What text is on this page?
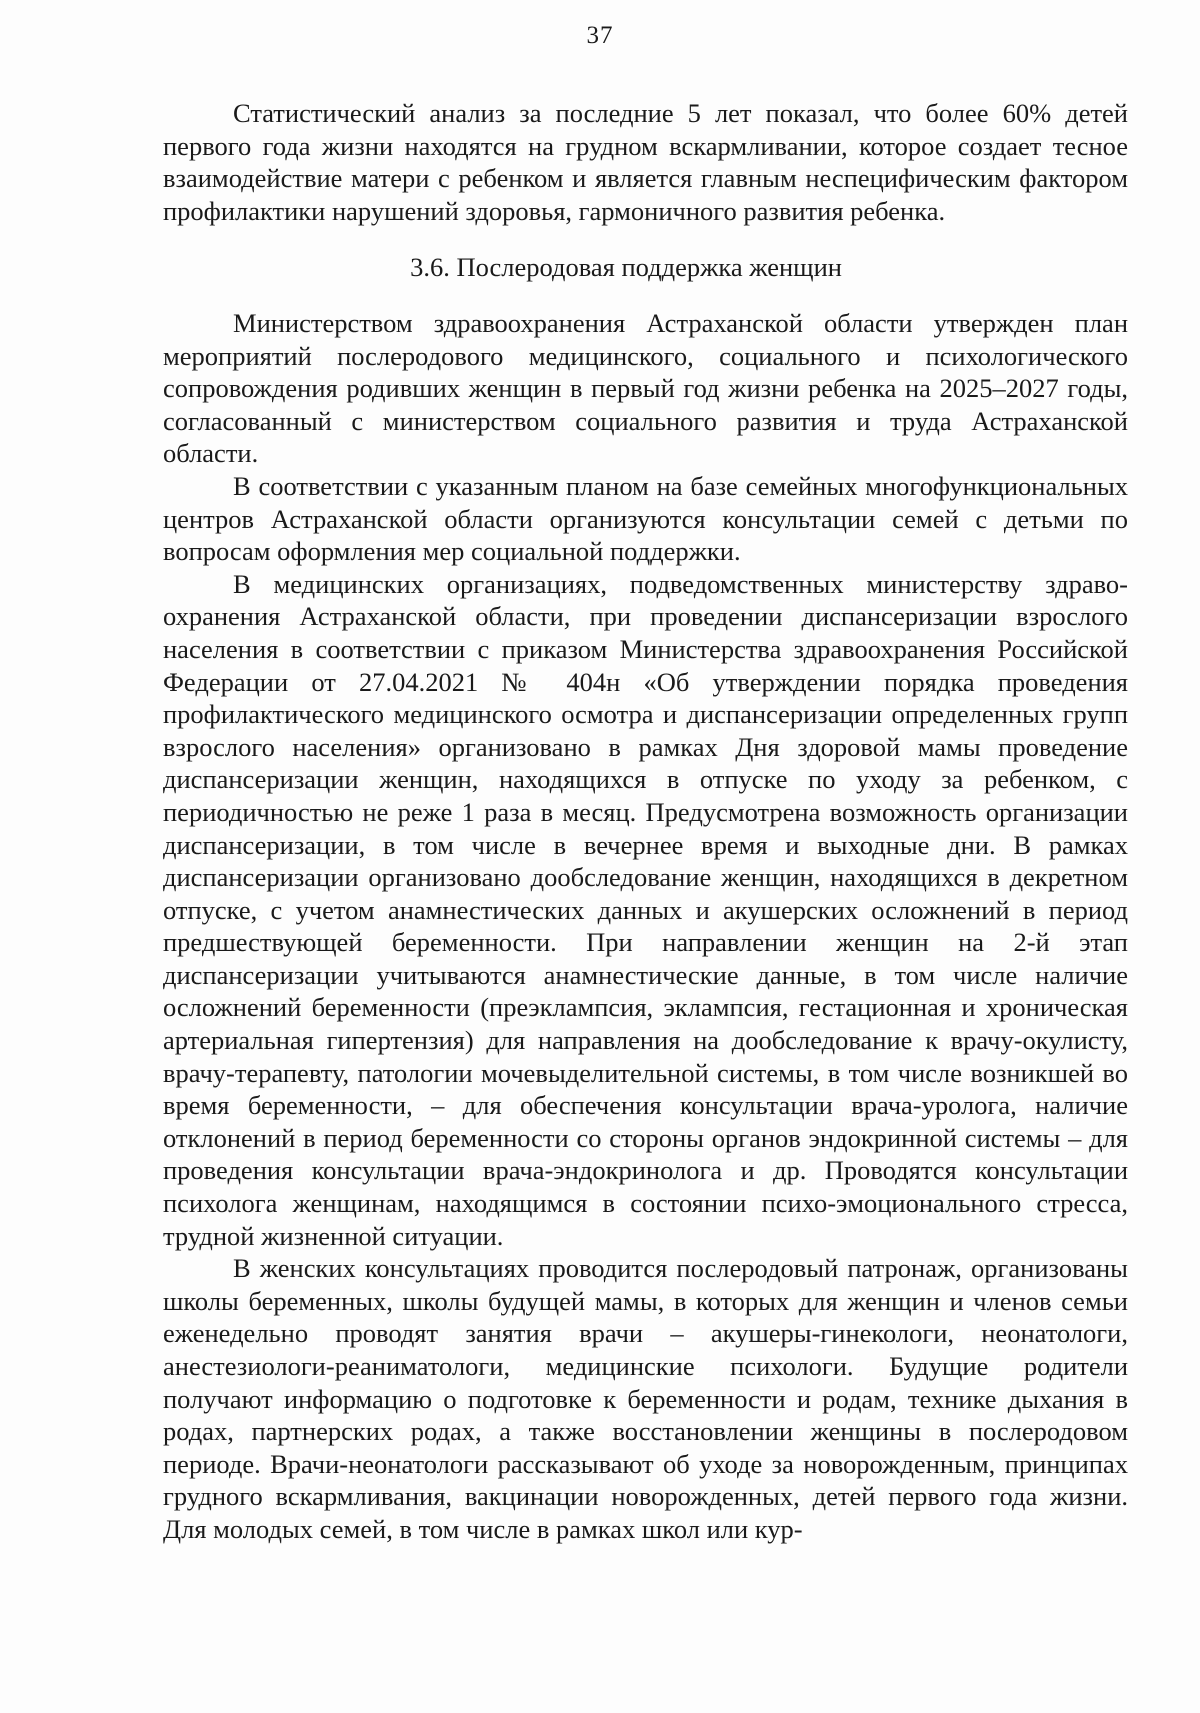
37

Статистический анализ за последние 5 лет показал, что более 60% детей первого года жизни находятся на грудном вскармливании, которое создает тесное взаимодействие матери с ребенком и является главным неспецифическим фактором профилактики нарушений здоровья, гармоничного развития ребенка.

3.6. Послеродовая поддержка женщин

Министерством здравоохранения Астраханской области утвержден план мероприятий послеродового медицинского, социального и психологического сопровождения родивших женщин в первый год жизни ребенка на 2025–2027 годы, согласованный с министерством социального развития и труда Астраханской области.

В соответствии с указанным планом на базе семейных многофункциональных центров Астраханской области организуются консультации семей с детьми по вопросам оформления мер социальной поддержки.

В медицинских организациях, подведомственных министерству здравоохранения Астраханской области, при проведении диспансеризации взрослого населения в соответствии с приказом Министерства здравоохранения Российской Федерации от 27.04.2021 № 404н «Об утверждении порядка проведения профилактического медицинского осмотра и диспансеризации определенных групп взрослого населения» организовано в рамках Дня здоровой мамы проведение диспансеризации женщин, находящихся в отпуске по уходу за ребенком, с периодичностью не реже 1 раза в месяц. Предусмотрена возможность организации диспансеризации, в том числе в вечернее время и выходные дни. В рамках диспансеризации организовано дообследование женщин, находящихся в декретном отпуске, с учетом анамнестических данных и акушерских осложнений в период предшествующей беременности. При направлении женщин на 2-й этап диспансеризации учитываются анамнестические данные, в том числе наличие осложнений беременности (преэклампсия, эклампсия, гестационная и хроническая артериальная гипертензия) для направления на дообследование к врачу-окулисту, врачу-терапевту, патологии мочевыделительной системы, в том числе возникшей во время беременности, – для обеспечения консультации врача-уролога, наличие отклонений в период беременности со стороны органов эндокринной системы – для проведения консультации врача-эндокринолога и др. Проводятся консультации психолога женщинам, находящимся в состоянии психо-эмоционального стресса, трудной жизненной ситуации.

В женских консультациях проводится послеродовый патронаж, организованы школы беременных, школы будущей мамы, в которых для женщин и членов семьи еженедельно проводят занятия врачи – акушеры-гинекологи, неонатологи, анестезиологи-реаниматологи, медицинские психологи. Будущие родители получают информацию о подготовке к беременности и родам, технике дыхания в родах, партнерских родах, а также восстановлении женщины в послеродовом периоде. Врачи-неонатологи рассказывают об уходе за новорожденным, принципах грудного вскармливания, вакцинации новорожденных, детей первого года жизни. Для молодых семей, в том числе в рамках школ или кур-
